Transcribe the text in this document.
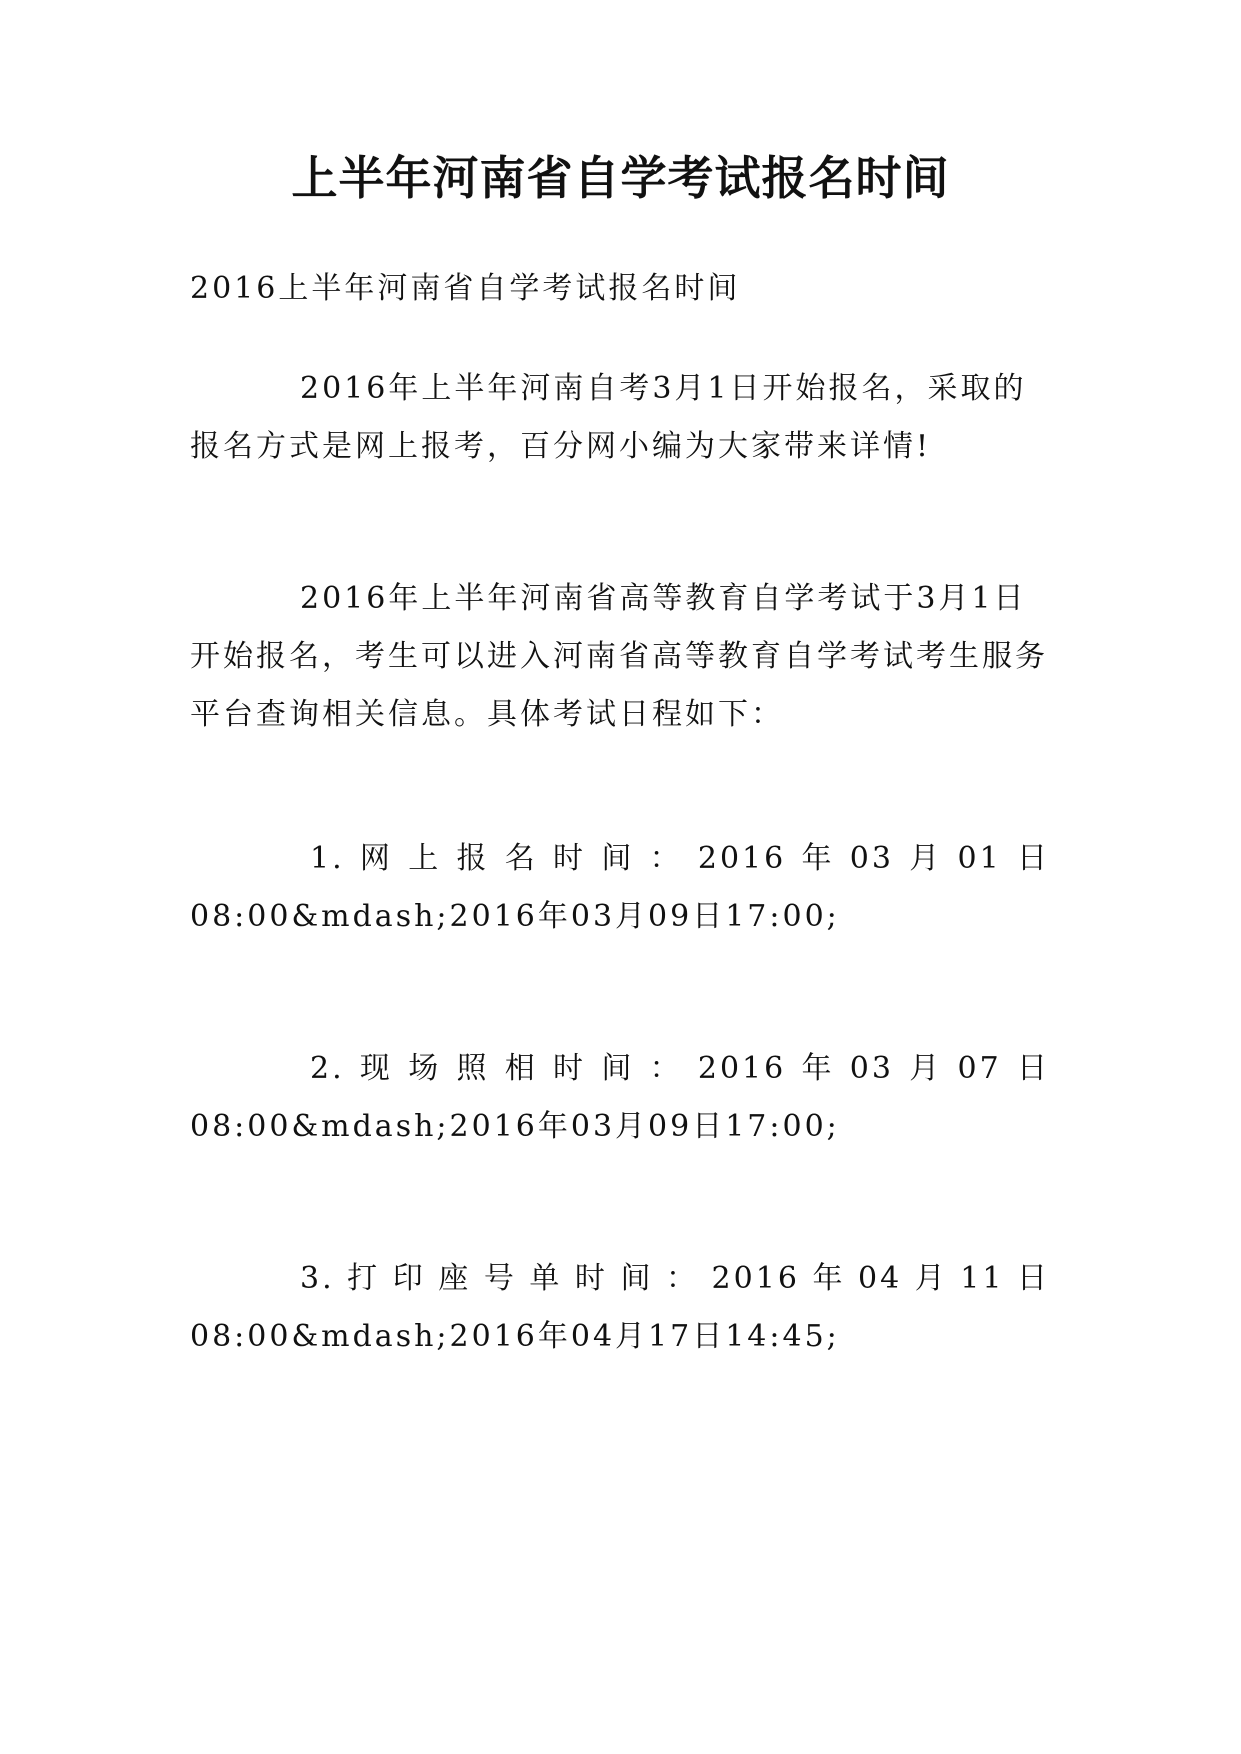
上半年河南省自学考试报名时间

2016上半年河南省自学考试报名时间

2016年上半年河南自考3月1日开始报名，采取的报名方式是网上报考，百分网小编为大家带来详情!

2016年上半年河南省高等教育自学考试于3月1日开始报名，考生可以进入河南省高等教育自学考试考生服务平台查询相关信息。具体考试日程如下：

1.网上报名时间：2016年03月01日
08:00&mdash;2016年03月09日17:00;
2.现场照相时间：2016年03月07日
08:00&mdash;2016年03月09日17:00;
3.打印座号单时间：2016年04月11日
08:00&mdash;2016年04月17日14:45;
